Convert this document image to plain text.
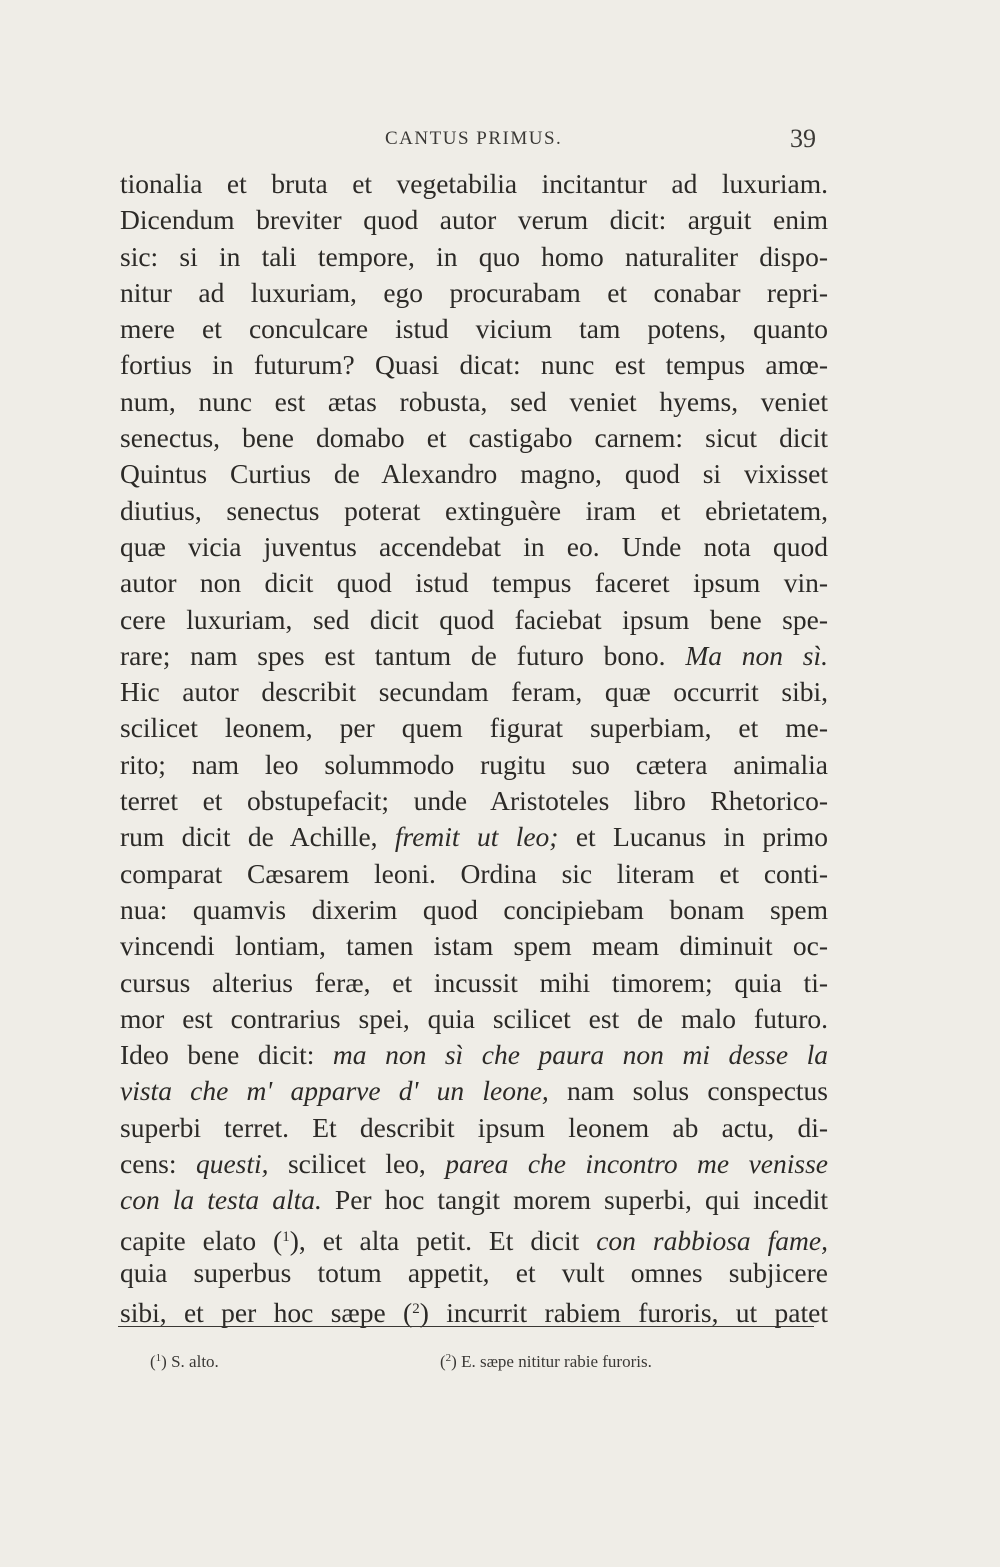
CANTUS PRIMUS.	39
tionalia et bruta et vegetabilia incitantur ad luxuriam.
Dicendum breviter quod autor verum dicit: arguit enim
sic: si in tali tempore, in quo homo naturaliter dispo-
nitur ad luxuriam, ego procurabam et conabar repri-
mere et conculcare istud vicium tam potens, quanto
fortius in futurum? Quasi dicat: nunc est tempus amœ-
num, nunc est ætas robusta, sed veniet hyems, veniet
senectus, bene domabo et castigabo carnem: sicut dicit
Quintus Curtius de Alexandro magno, quod si vixisset
diutius, senectus poterat extinguère iram et ebrietatem,
quæ vicia juventus accendebat in eo. Unde nota quod
autor non dicit quod istud tempus faceret ipsum vin-
cere luxuriam, sed dicit quod faciebat ipsum bene spe-
rare; nam spes est tantum de futuro bono. Ma non sì.
Hic autor describit secundam feram, quæ occurrit sibi,
scilicet leonem, per quem figurat superbiam, et me-
rito; nam leo solummodo rugitu suo cætera animalia
terret et obstupefacit; unde Aristoteles libro Rhetorico-
rum dicit de Achille, fremit ut leo; et Lucanus in primo
comparat Cæsarem leoni. Ordina sic literam et conti-
nua: quamvis dixerim quod concipiebam bonam spem
vincendi lontiam, tamen istam spem meam diminuit oc-
cursus alterius feræ, et incussit mihi timorem; quia ti-
mor est contrarius spei, quia scilicet est de malo futuro.
Ideo bene dicit: ma non sì che paura non mi desse la
vista che m' apparve d' un leone, nam solus conspectus
superbi terret. Et describit ipsum leonem ab actu, di-
cens: questi, scilicet leo, parea che incontro me venisse
con la testa alta. Per hoc tangit morem superbi, qui incedit
capite elato ($^1$), et alta petit. Et dicit con rabbiosa fame,
quia superbus totum appetit, et vult omnes subjicere
sibi, et per hoc sæpe ($^2$) incurrit rabiem furoris, ut patet
($^1$) S. alto.	($^2$) E. sæpe nititur rabie furoris.
